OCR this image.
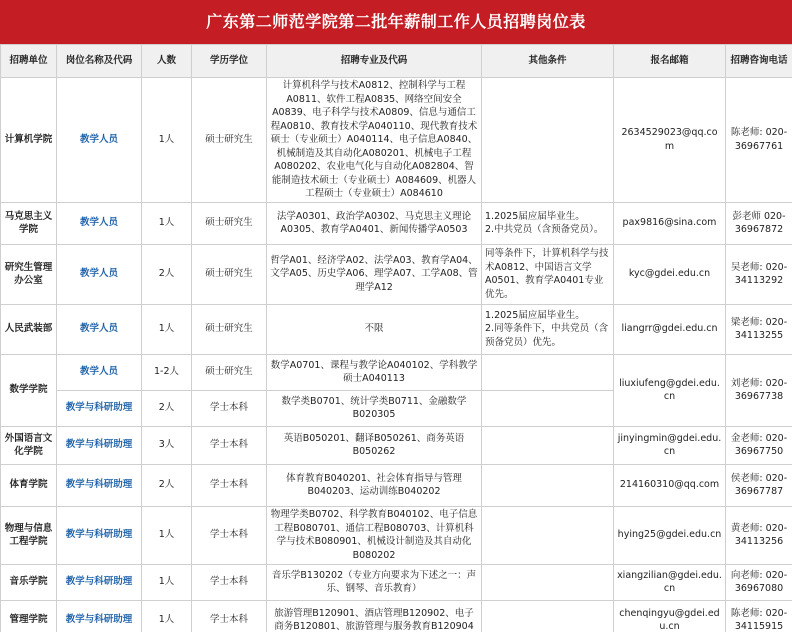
广东第二师范学院第二批年薪制工作人员招聘岗位表
招聘单位	岗位名称及代码	人数	学历学位	招聘专业及代码	其他条件	报名邮箱	招聘咨询电话
计算机学院	教学人员	1人	硕士研究生	计算机科学与技术A0812、控制科学与工程A0811、软件工程A0835、网络空间安全A0839、电子科学与技术A0809、信息与通信工程A0810、教育技术学A040110、现代教育技术硕士（专业硕士）A040114、电子信息A0840、机械制造及其自动化A080201、机械电子工程A080202、农业电气化与自动化A082804、智能制造技术硕士（专业硕士）A084609、机器人工程硕士（专业硕士）A084610		2634529023@qq.com	陈老师: 020-36967761
马克思主义学院	教学人员	1人	硕士研究生	法学A0301、政治学A0302、马克思主义理论A0305、教育学A0401、新闻传播学A0503	1.2025届应届毕业生。
2.中共党员（含预备党员）。	pax9816@sina.com	彭老师 020-36967872
研究生管理办公室	教学人员	2人	硕士研究生	哲学A01、经济学A02、法学A03、教育学A04、文学A05、历史学A06、理学A07、工学A08、管理学A12	同等条件下，计算机科学与技术A0812、中国语言文学A0501、教育学A0401专业优先。	kyc@gdei.edu.cn	吴老师: 020-34113292
人民武装部	教学人员	1人	硕士研究生	不限	1.2025届应届毕业生。
2.同等条件下，中共党员（含预备党员）优先。	liangrr@gdei.edu.cn	梁老师: 020-34113255
数学学院	教学人员	1-2人	硕士研究生	数学A0701、课程与教学论A040102、学科教学硕士A040113		liuxiufeng@gdei.edu.cn	刘老师: 020-36967738
	教学与科研助理	2人	学士本科	数学类B0701、统计学类B0711、金融数学B020305			
外国语言文化学院	教学与科研助理	3人	学士本科	英语B050201、翻译B050261、商务英语B050262		jinyingmin@gdei.edu.cn	金老师: 020-36967750
体育学院	教学与科研助理	2人	学士本科	体育教育B040201、社会体育指导与管理B040203、运动训练B040202		214160310@qq.com	侯老师: 020-36967787
物理与信息工程学院	教学与科研助理	1人	学士本科	物理学类B0702、科学教育B040102、电子信息工程B080701、通信工程B080703、计算机科学与技术B080901、机械设计制造及其自动化B080202		hying25@gdei.edu.cn	黄老师: 020-34113256
音乐学院	教学与科研助理	1人	学士本科	音乐学B130202（专业方向要求为下述之一：声乐、钢琴、音乐教育）		xiangzilian@gdei.edu.cn	向老师: 020-36967080
管理学院	教学与科研助理	1人	学士本科	旅游管理B120901、酒店管理B120902、电子商务B120801、旅游管理与服务教育B120904		chenqingyu@gdei.edu.cn	陈老师: 020-34115915
